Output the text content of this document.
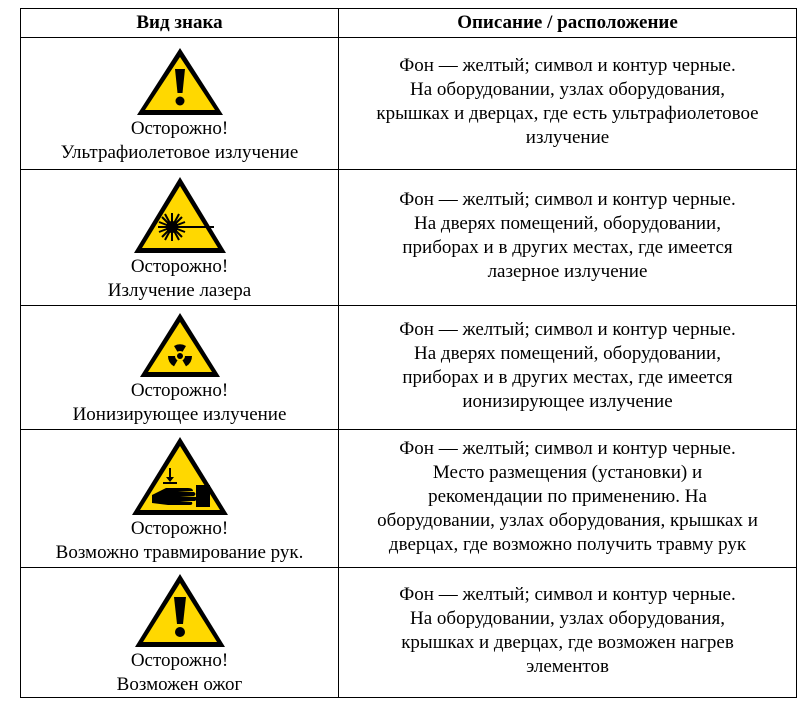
Вид знака	Описание / расположение

Осторожно!
Ультрафиолетовое излучение	Фон — желтый; символ и контур черные.
На оборудовании, узлах оборудования,
крышках и дверцах, где есть ультрафиолетовое
излучение

Осторожно!
Излучение лазера	Фон — желтый; символ и контур черные.
На дверях помещений, оборудовании,
приборах и в других местах, где имеется
лазерное излучение

Осторожно!
Ионизирующее излучение	Фон — желтый; символ и контур черные.
На дверях помещений, оборудовании,
приборах и в других местах, где имеется
ионизирующее излучение

Осторожно!
Возможно травмирование рук.	Фон — желтый; символ и контур черные.
Место размещения (установки) и
рекомендации по применению. На
оборудовании, узлах оборудования, крышках и
дверцах, где возможно получить травму рук

Осторожно!
Возможен ожог	Фон — желтый; символ и контур черные.
На оборудовании, узлах оборудования,
крышках и дверцах, где возможен нагрев
элементов
